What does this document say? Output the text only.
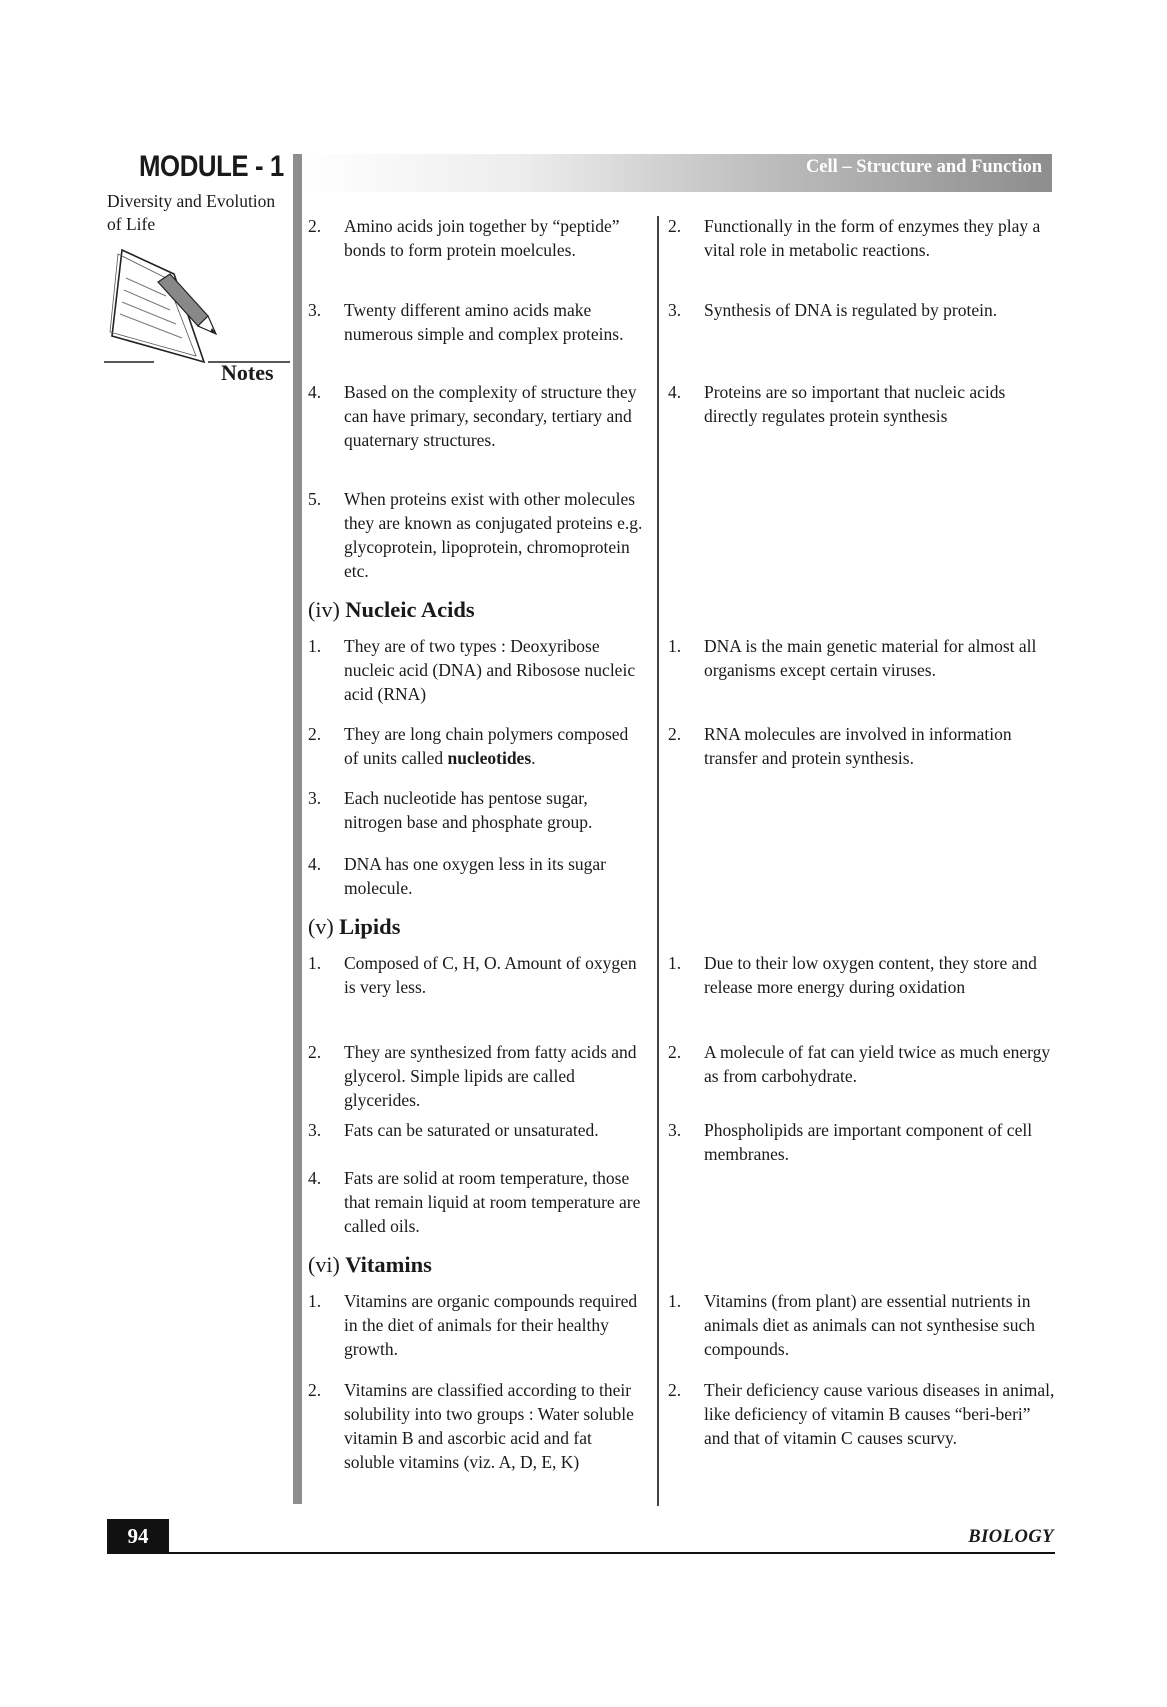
MODULE - 1
Diversity and Evolution
of Life
Notes
Cell – Structure and Function
2. Amino acids join together by “peptide” bonds to form protein moelcules.
3. Twenty different amino acids make numerous simple and complex proteins.
4. Based on the complexity of structure they can have primary, secondary, tertiary and quaternary structures.
5. When proteins exist with other molecules they are known as conjugated proteins e.g. glycoprotein, lipoprotein, chromoprotein etc.
2. Functionally in the form of enzymes they play a vital role in metabolic reactions.
3. Synthesis of DNA is regulated by protein.
4. Proteins are so important that nucleic acids directly regulates protein synthesis
(iv) Nucleic Acids
1. They are of two types : Deoxyribose nucleic acid (DNA) and Ribosose nucleic acid (RNA)
2. They are long chain polymers composed of units called nucleotides.
3. Each nucleotide has pentose sugar, nitrogen base and phosphate group.
4. DNA has one oxygen less in its sugar molecule.
1. DNA is the main genetic material for almost all organisms except certain viruses.
2. RNA molecules are involved in information transfer and protein synthesis.
(v) Lipids
1. Composed of C, H, O. Amount of oxygen is very less.
2. They are synthesized from fatty acids and glycerol. Simple lipids are called glycerides.
3. Fats can be saturated or unsaturated.
4. Fats are solid at room temperature, those that remain liquid at room temperature are called oils.
1. Due to their low oxygen content, they store and release more energy during oxidation
2. A molecule of fat can yield twice as much energy as from carbohydrate.
3. Phospholipids are important component of cell membranes.
(vi) Vitamins
1. Vitamins are organic compounds required in the diet of animals for their healthy growth.
2. Vitamins are classified according to their solubility into two groups : Water soluble vitamin B and ascorbic acid and fat soluble vitamins (viz. A, D, E, K)
1. Vitamins (from plant) are essential nutrients in animals diet as animals can not synthesise such compounds.
2. Their deficiency cause various diseases in animal, like deficiency of vitamin B causes “beri-beri” and that of vitamin C causes scurvy.
94	BIOLOGY
